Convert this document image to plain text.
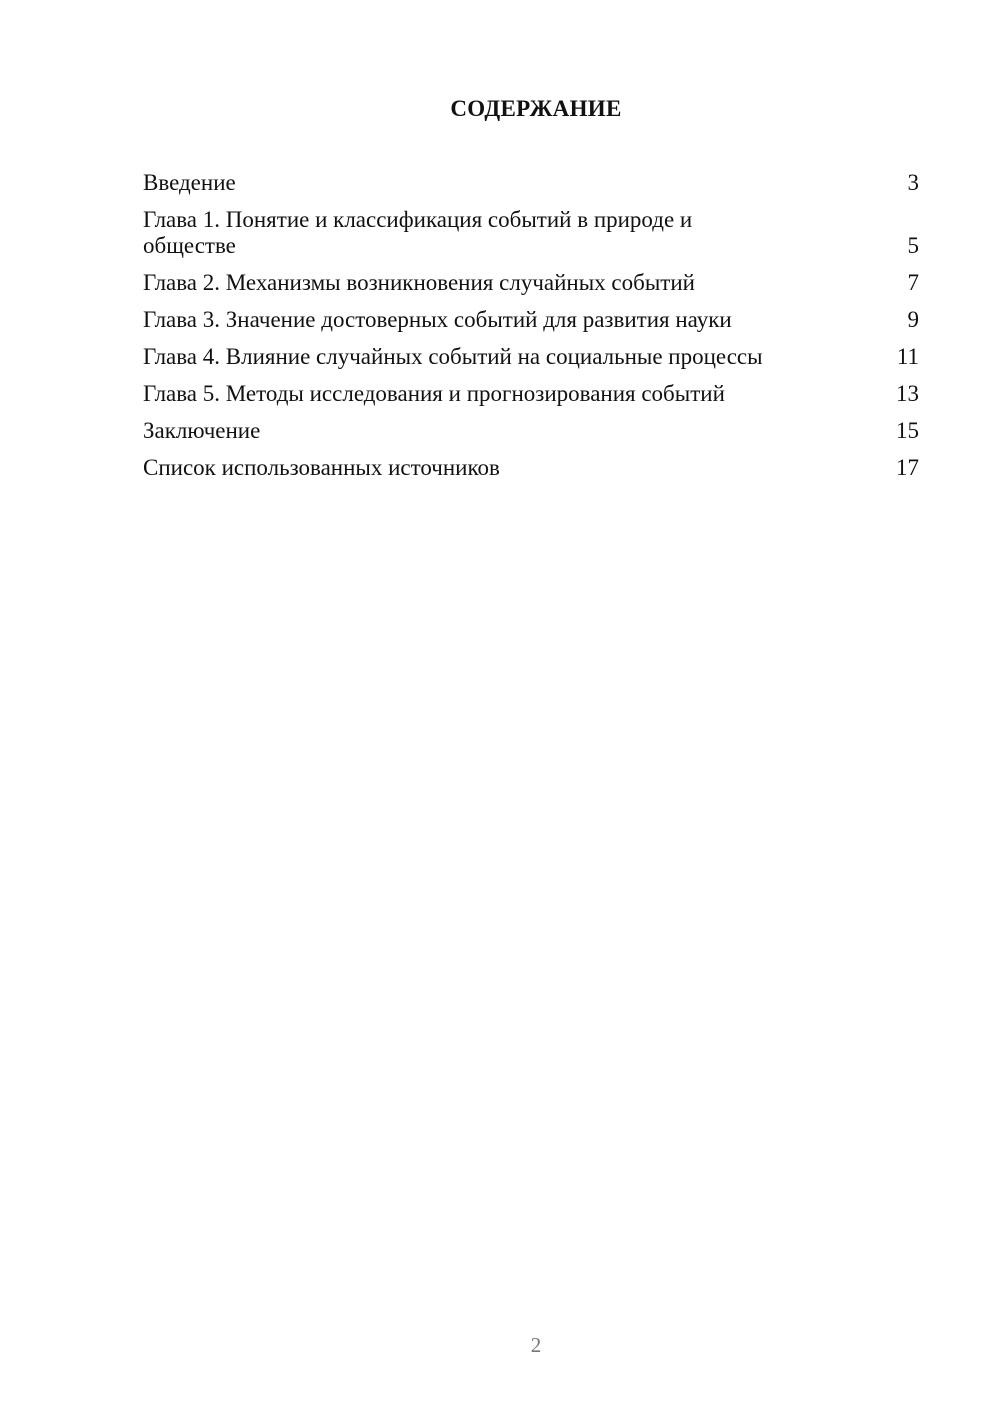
СОДЕРЖАНИЕ
Введение	3
Глава 1. Понятие и классификация событий в природе и обществе	5
Глава 2. Механизмы возникновения случайных событий	7
Глава 3. Значение достоверных событий для развития науки	9
Глава 4. Влияние случайных событий на социальные процессы	11
Глава 5. Методы исследования и прогнозирования событий	13
Заключение	15
Список использованных источников	17
2
